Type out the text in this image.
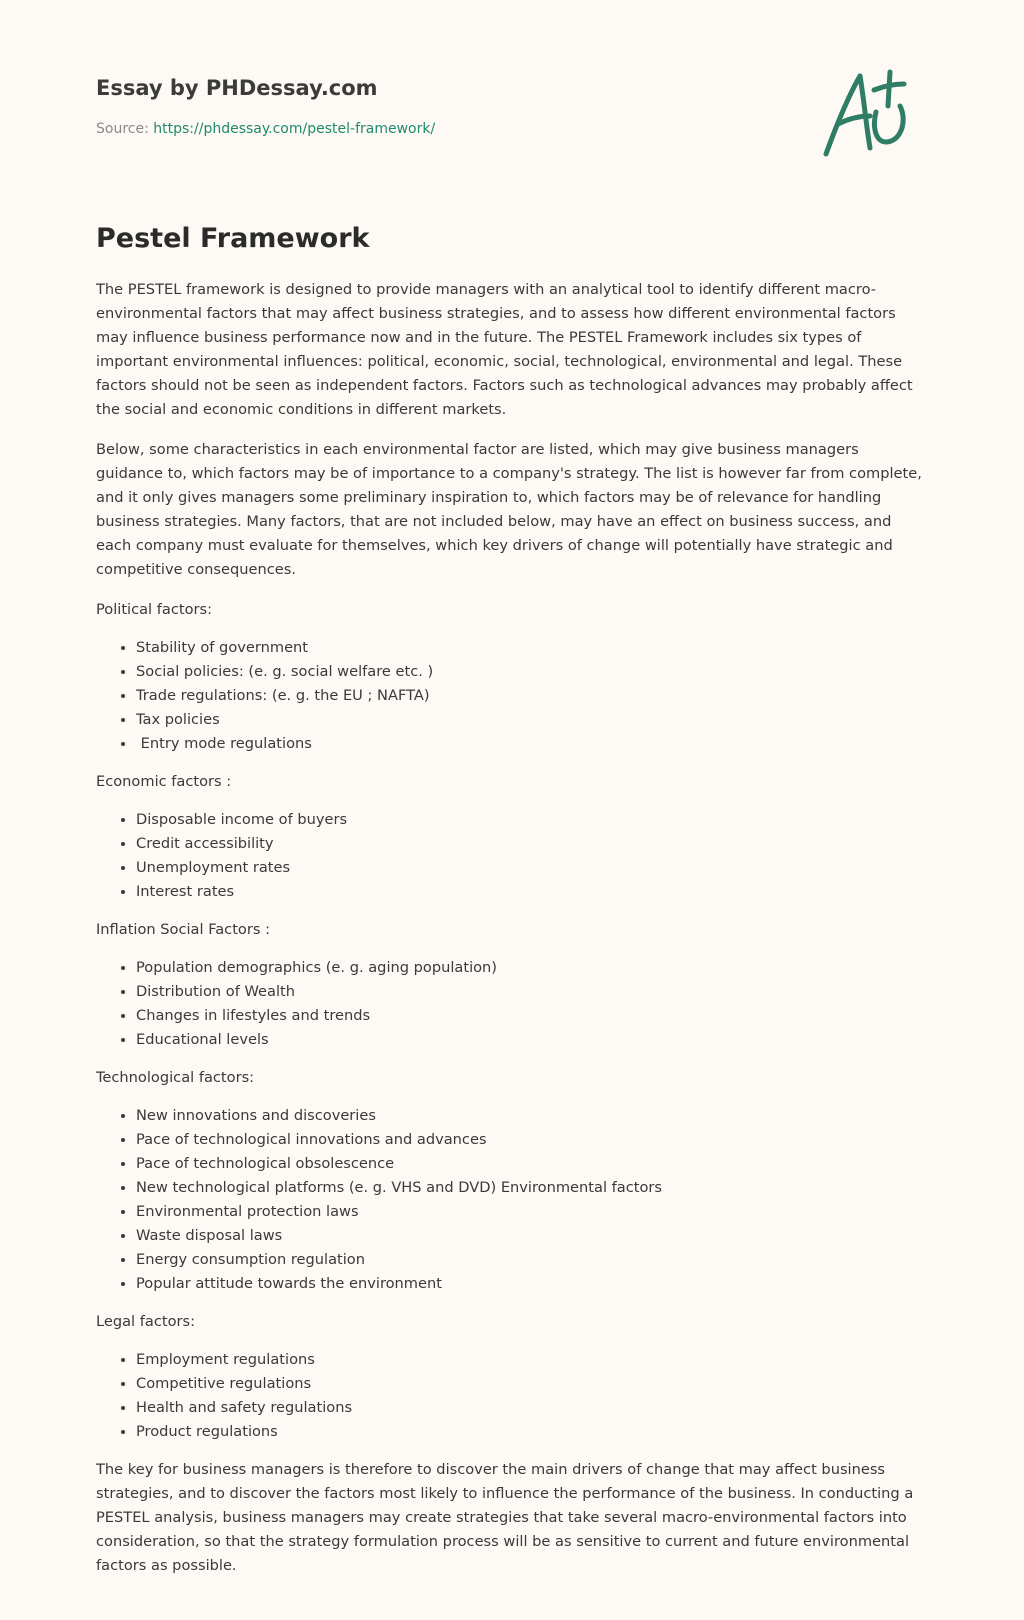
Essay by PHDessay.com
Source: https://phdessay.com/pestel-framework/
Pestel Framework

The PESTEL framework is designed to provide managers with an analytical tool to identify different macro-environmental factors that may affect business strategies, and to assess how different environmental factors may influence business performance now and in the future. The PESTEL Framework includes six types of important environmental influences: political, economic, social, technological, environmental and legal. These factors should not be seen as independent factors. Factors such as technological advances may probably affect the social and economic conditions in different markets.

Below, some characteristics in each environmental factor are listed, which may give business managers guidance to, which factors may be of importance to a company's strategy. The list is however far from complete, and it only gives managers some preliminary inspiration to, which factors may be of relevance for handling business strategies. Many factors, that are not included below, may have an effect on business success, and each company must evaluate for themselves, which key drivers of change will potentially have strategic and competitive consequences.

Political factors:

• Stability of government
• Social policies: (e. g. social welfare etc. )
• Trade regulations: (e. g. the EU ; NAFTA)
• Tax policies
•  Entry mode regulations

Economic factors :

• Disposable income of buyers
• Credit accessibility
• Unemployment rates
• Interest rates

Inflation Social Factors :

• Population demographics (e. g. aging population)
• Distribution of Wealth
• Changes in lifestyles and trends
• Educational levels

Technological factors:

• New innovations and discoveries
• Pace of technological innovations and advances
• Pace of technological obsolescence
• New technological platforms (e. g. VHS and DVD) Environmental factors
• Environmental protection laws
• Waste disposal laws
• Energy consumption regulation
• Popular attitude towards the environment

Legal factors:

• Employment regulations
• Competitive regulations
• Health and safety regulations
• Product regulations

The key for business managers is therefore to discover the main drivers of change that may affect business strategies, and to discover the factors most likely to influence the performance of the business. In conducting a PESTEL analysis, business managers may create strategies that take several macro-environmental factors into consideration, so that the strategy formulation process will be as sensitive to current and future environmental factors as possible.
